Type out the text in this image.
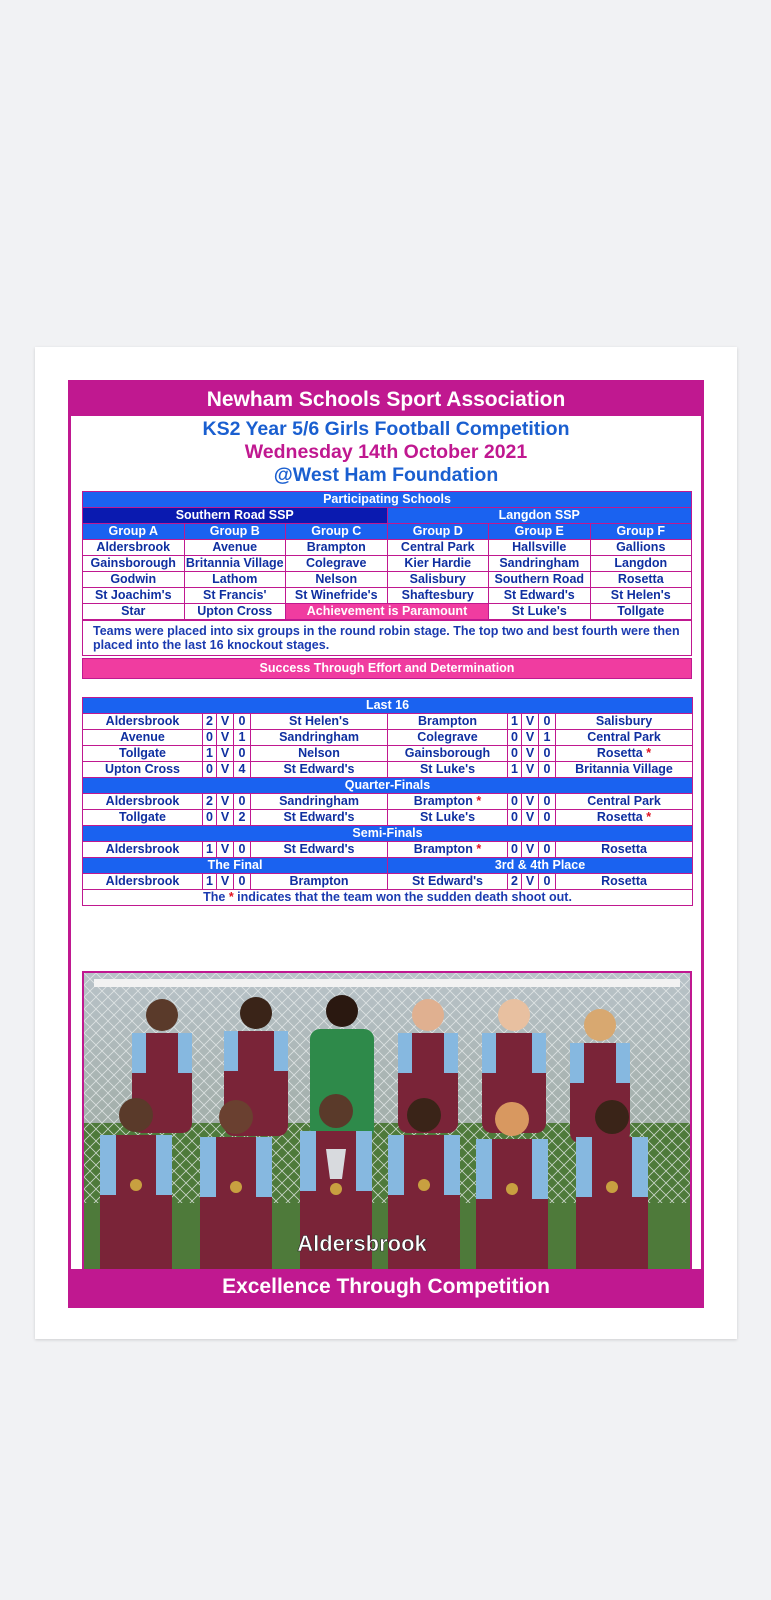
Newham Schools Sport Association
KS2 Year 5/6 Girls Football Competition
Wednesday 14th October 2021
@West Ham Foundation
Participating Schools					
Southern Road SSP			Langdon SSP		
Group A	Group B	Group C	Group D	Group E	Group F
Aldersbrook	Avenue	Brampton	Central Park	Hallsville	Gallions
Gainsborough	Britannia Village	Colegrave	Kier Hardie	Sandringham	Langdon
Godwin	Lathom	Nelson	Salisbury	Southern Road	Rosetta
St Joachim's	St Francis'	St Winefride's	Shaftesbury	St Edward's	St Helen's
Star	Upton Cross	Achievement is Paramount		St Luke's	Tollgate
Teams were placed into six groups in the round robin stage. The top two and best fourth were then placed into the last 16 knockout stages.
Success Through Effort and Determination
Last 16									
Aldersbrook	2	V	0	St Helen's	Brampton	1	V	0	Salisbury
Avenue	0	V	1	Sandringham	Colegrave	0	V	1	Central Park
Tollgate	1	V	0	Nelson	Gainsborough	0	V	0	Rosetta *
Upton Cross	0	V	4	St Edward's	St Luke's	1	V	0	Britannia Village
Quarter-Finals									
Aldersbrook	2	V	0	Sandringham	Brampton *	0	V	0	Central Park
Tollgate	0	V	2	St Edward's	St Luke's	0	V	0	Rosetta *
Semi-Finals									
Aldersbrook	1	V	0	St Edward's	Brampton *	0	V	0	Rosetta
The Final					3rd & 4th Place				
Aldersbrook	1	V	0	Brampton	St Edward's	2	V	0	Rosetta
The * indicates that the team won the sudden death shoot out.									
Aldersbrook
Excellence Through Competition
